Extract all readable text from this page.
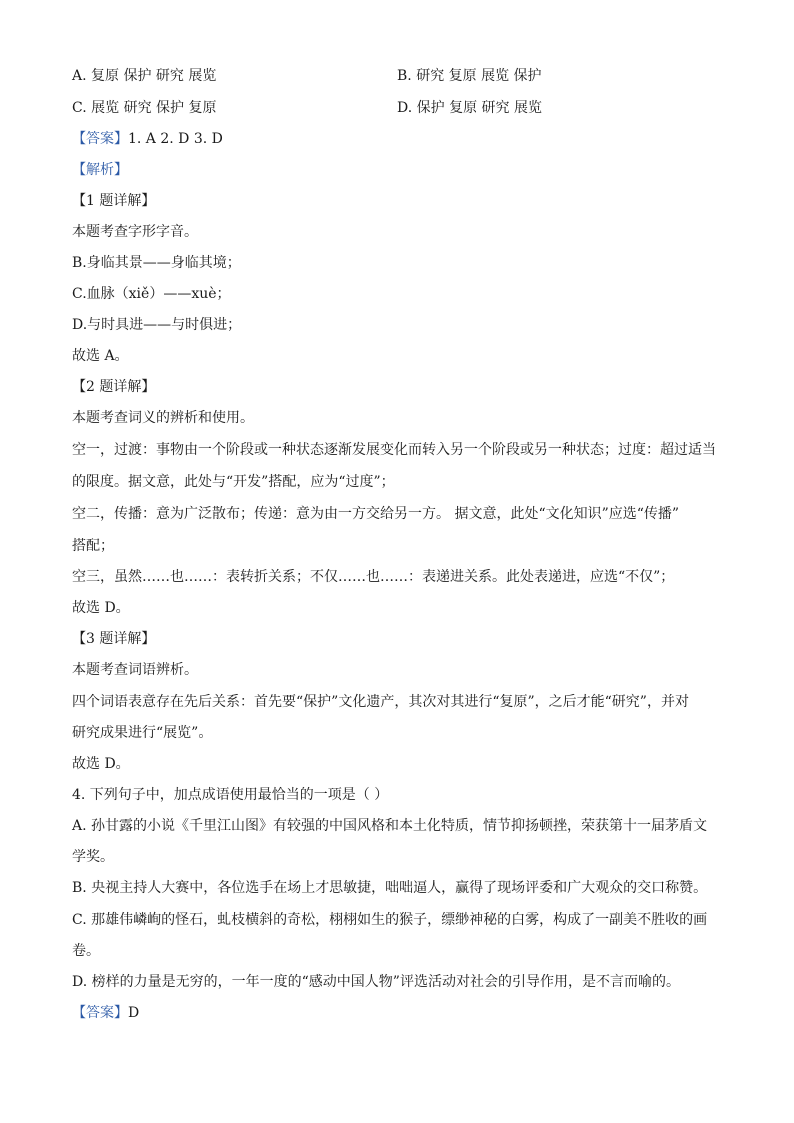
A. 复原 保护 研究 展览	B. 研究 复原 展览 保护
C. 展览 研究 保护 复原	D. 保护 复原 研究 展览
【答案】1. A 2. D 3. D
【解析】
【1 题详解】
本题考查字形字音。
B.身临其景——身临其境；
C.血脉（xiě）——xuè；
D.与时具进——与时俱进；
故选 A。
【2 题详解】
本题考查词义的辨析和使用。
空一，过渡：事物由一个阶段或一种状态逐渐发展变化而转入另一个阶段或另一种状态；过度：超过适当
的限度。据文意，此处与“开发”搭配，应为“过度”；
空二，传播：意为广泛散布；传递：意为由一方交给另一方。 据文意，此处“文化知识”应选“传播”
搭配；
空三，虽然……也……：表转折关系；不仅……也……：表递进关系。此处表递进，应选“不仅”；
故选 D。
【3 题详解】
本题考查词语辨析。
四个词语表意存在先后关系：首先要“保护”文化遗产，其次对其进行“复原”，之后才能“研究”，并对
研究成果进行“展览”。
故选 D。
4. 下列句子中，加点成语使用最恰当的一项是（ ）
A. 孙甘露的小说《千里江山图》有较强的中国风格和本土化特质，情节抑扬顿挫，荣获第十一届茅盾文
学奖。
B. 央视主持人大赛中，各位选手在场上才思敏捷，咄咄逼人，赢得了现场评委和广大观众的交口称赞。
C. 那雄伟嶙峋的怪石，虬枝横斜的奇松，栩栩如生的猴子，缥缈神秘的白雾，构成了一副美不胜收的画
卷。
D. 榜样的力量是无穷的，一年一度的“感动中国人物”评选活动对社会的引导作用，是不言而喻的。
【答案】D
